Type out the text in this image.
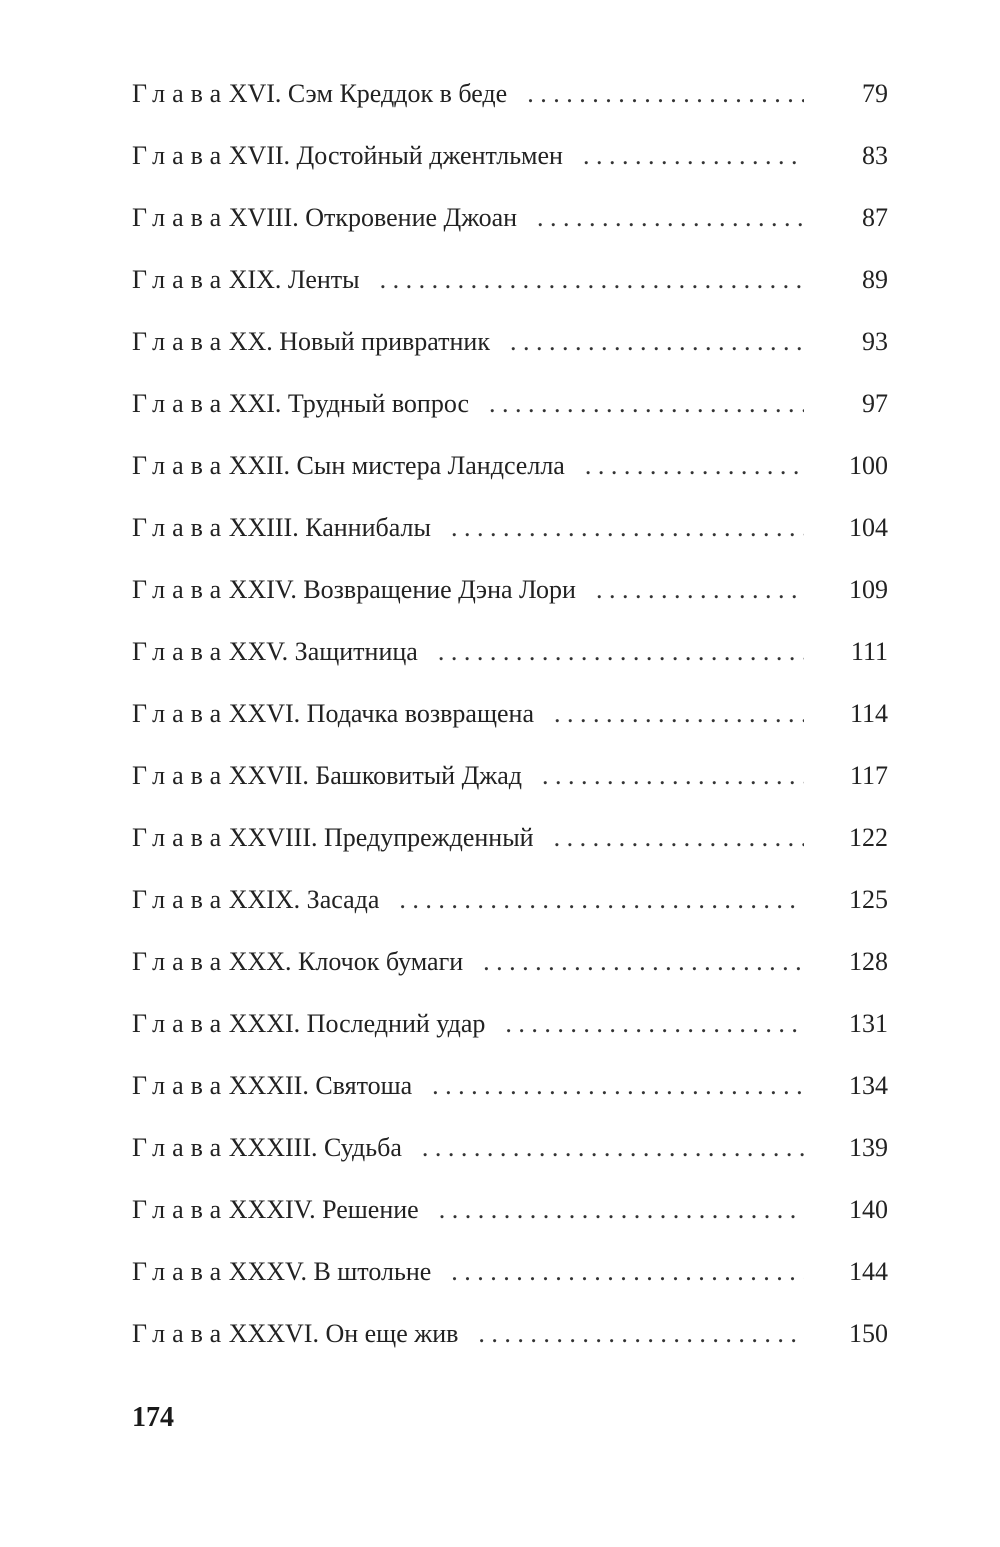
ГлаваXVI. Сэм Креддок в беде . . .	79
ГлаваXVII. Достойный джентльмен . . .	83
ГлаваXVIII. Откровение Джоан . . .	87
ГлаваXIX. Ленты . . .	89
ГлаваXX. Новый привратник . . .	93
ГлаваXXI. Трудный вопрос . . .	97
ГлаваXXII. Сын мистера Ландселла . . .	100
ГлаваXXIII. Каннибалы . . .	104
ГлаваXXIV. Возвращение Дэна Лори . . .	109
ГлаваXXV. Защитница . . .	111
ГлаваXXVI. Подачка возвращена . . .	114
ГлаваXXVII. Башковитый Джад . . .	117
ГлаваXXVIII. Предупрежденный . . .	122
ГлаваXXIX. Засада . . .	125
ГлаваXXX. Клочок бумаги . . .	128
ГлаваXXXI. Последний удар . . .	131
ГлаваXXXII. Святоша . . .	134
ГлаваXXXIII. Судьба . . .	139
ГлаваXXXIV. Решение . . .	140
ГлаваXXXV. В штольне . . .	144
ГлаваXXXVI. Он еще жив . . .	150
174
